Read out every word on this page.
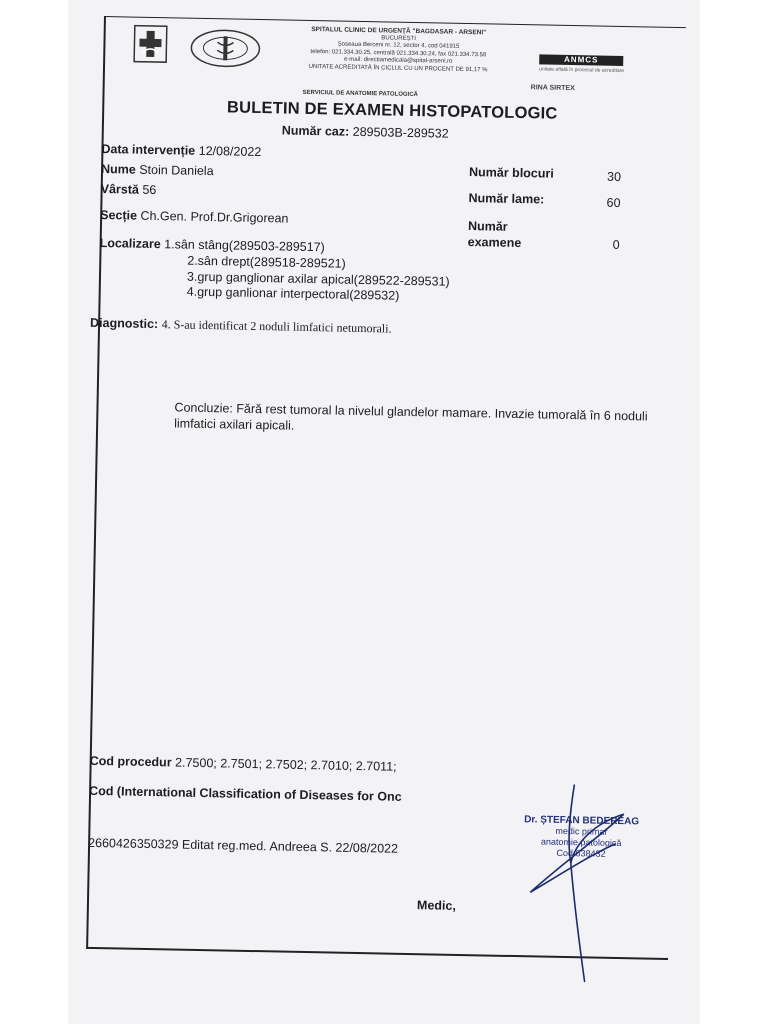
SPITALUL CLINIC DE URGENȚĂ "BAGDASAR - ARSENI"
BUCUREȘTI
Șoseaua Berceni nr. 12, sector 4, cod 041915
telefon: 021.334.30.25, centrală 021.334.30.24, fax 021.334.73.58
e-mail: directiamedicala@spital-arseni.ro
UNITATE ACREDITATĂ ÎN CICLUL CU UN PROCENT DE 91,17 %
ANMCS
unitate aflată în procesul de acreditare
RINA SIRTEX
SERVICIUL DE ANATOMIE PATOLOGICĂ
BULETIN DE EXAMEN HISTOPATOLOGIC
Număr caz: 289503B-289532
Data intervenție 12/08/2022
Nume Stoin Daniela
Vârstă 56
Secție Ch.Gen. Prof.Dr.Grigorean
Localizare 1.sân stâng(289503-289517)
2.sân drept(289518-289521)
3.grup ganglionar axilar apical(289522-289531)
4.grup ganlionar interpectoral(289532)
Număr blocuri	30
Număr lame:	60
Număr
examene	0
Diagnostic: 4. S-au identificat 2 noduli limfatici netumorali.
Concluzie: Fără rest tumoral la nivelul glandelor mamare. Invazie tumorală în 6 noduli limfatici axilari apicali.
Cod procedur 2.7500; 2.7501; 2.7502; 2.7010; 2.7011;
Cod (International Classification of Diseases for Onc
2660426350329 Editat reg.med. Andreea S. 22/08/2022
Medic,
Dr. ȘTEFAN BEDEREAG
medic primar
anatomie patologică
Cod 638432
